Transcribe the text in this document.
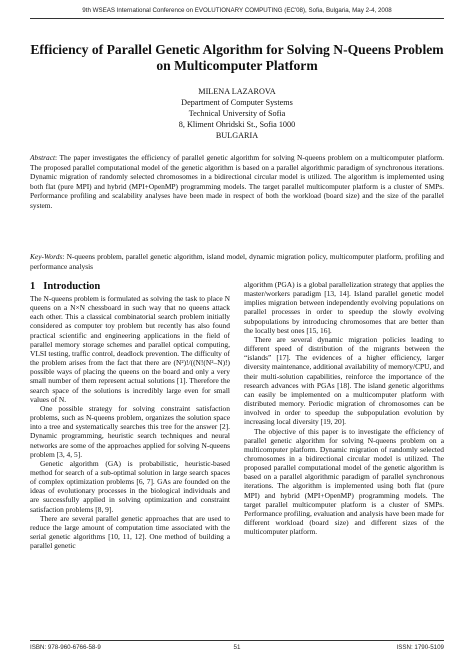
9th WSEAS International Conference on EVOLUTIONARY COMPUTING (EC'08), Sofia, Bulgaria, May 2-4, 2008
Efficiency of Parallel Genetic Algorithm for Solving N-Queens Problem
on Multicomputer Platform
MILENA LAZAROVA
Department of Computer Systems
Technical University of Sofia
8, Kliment Ohridski St., Sofia 1000
BULGARIA

Abstract: The paper investigates the efficiency of parallel genetic algorithm for solving N-queens problem on a multicomputer platform. The proposed parallel computational model of the genetic algorithm is based on a parallel algorithmic paradigm of synchronous iterations. Dynamic migration of randomly selected chromosomes in a bidirectional circular model is utilized. The algorithm is implemented using both flat (pure MPI) and hybrid (MPI+OpenMP) programming models. The target parallel multicomputer platform is a cluster of SMPs. Performance profiling and scalability analyses have been made in respect of both the workload (board size) and the size of the parallel system.

Key-Words: N-queens problem, parallel genetic algorithm, island model, dynamic migration policy, multicomputer platform, profiling and performance analysis

1 Introduction

The N-queens problem is formulated as solving the task to place N queens on a N×N chessboard in such way that no queens attack each other. This a classical combinatorial search problem initially considered as computer toy problem but recently has also found practical scientific and engineering applications in the field of parallel memory storage schemes and parallel optical computing, VLSI testing, traffic control, deadlock prevention. The difficulty of the problem arises from the fact that there are (N²)!/((N!(N²–N)!) possible ways of placing the queens on the board and only a very small number of them represent actual solutions [1]. Therefore the search space of the solutions is incredibly large even for small values of N.

One possible strategy for solving constraint satisfaction problems, such as N-queens problem, organizes the solution space into a tree and systematically searches this tree for the answer [2]. Dynamic programming, heuristic search techniques and neural networks are some of the approaches applied for solving N-queens problem [3, 4, 5].

Genetic algorithm (GA) is probabilistic, heuristic-based method for search of a sub-optimal solution in large search spaces of complex optimization problems [6, 7]. GAs are founded on the ideas of evolutionary processes in the biological individuals and are successfully applied in solving optimization and constraint satisfaction problems [8, 9].

There are several parallel genetic approaches that are used to reduce the large amount of computation time associated with the serial genetic algorithms [10, 11, 12]. One method of building a parallel genetic

algorithm (PGA) is a global parallelization strategy that applies the master/workers paradigm [13, 14]. Island parallel genetic model implies migration between independently evolving populations on parallel processes in order to speedup the slowly evolving subpopulations by introducing chromosomes that are better than the locally best ones [15, 16].

There are several dynamic migration policies leading to different speed of distribution of the migrants between the “islands” [17]. The evidences of a higher efficiency, larger diversity maintenance, additional availability of memory/CPU, and their multi-solution capabilities, reinforce the importance of the research advances with PGAs [18]. The island genetic algorithms can easily be implemented on a multicomputer platform with distributed memory. Periodic migration of chromosomes can be involved in order to speedup the subpopulation evolution by increasing local diversity [19, 20].

The objective of this paper is to investigate the efficiency of parallel genetic algorithm for solving N-queens problem on a multicomputer platform. Dynamic migration of randomly selected chromosomes in a bidirectional circular model is utilized. The proposed parallel computational model of the genetic algorithm is based on a parallel algorithmic paradigm of parallel synchronous iterations. The algorithm is implemented using both flat (pure MPI) and hybrid (MPI+OpenMP) programming models. The target parallel multicomputer platform is a cluster of SMPs. Performance profiling, evaluation and analysis have been made for different workload (board size) and different sizes of the multicomputer platform.

ISBN: 978-960-6766-58-9	51	ISSN: 1790-5109
